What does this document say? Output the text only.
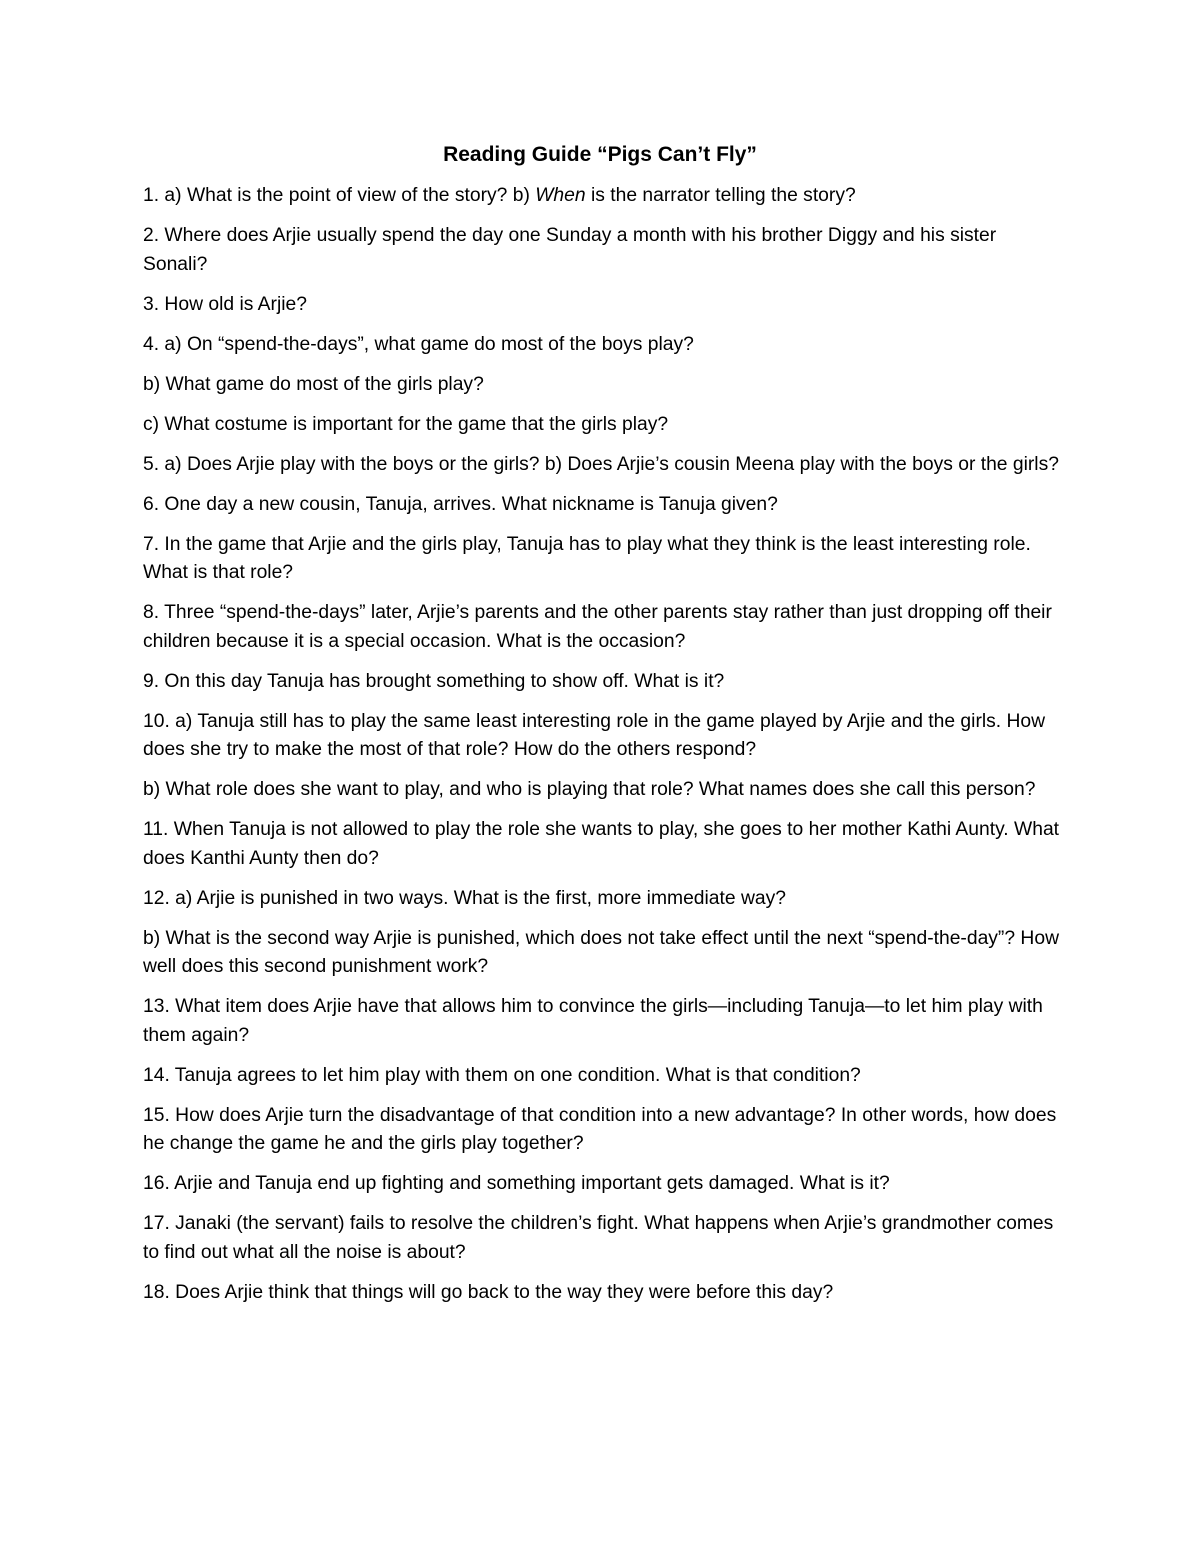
Reading Guide “Pigs Can’t Fly”

1. a) What is the point of view of the story? b) When is the narrator telling the story?

2. Where does Arjie usually spend the day one Sunday a month with his brother Diggy and his sister Sonali?

3. How old is Arjie?

4. a) On “spend-the-days”, what game do most of the boys play?

b) What game do most of the girls play?

c) What costume is important for the game that the girls play?

5. a) Does Arjie play with the boys or the girls? b) Does Arjie’s cousin Meena play with the boys or the girls?

6. One day a new cousin, Tanuja, arrives. What nickname is Tanuja given?

7. In the game that Arjie and the girls play, Tanuja has to play what they think is the least interesting role. What is that role?

8. Three “spend-the-days” later, Arjie’s parents and the other parents stay rather than just dropping off their children because it is a special occasion. What is the occasion?

9. On this day Tanuja has brought something to show off. What is it?

10. a) Tanuja still has to play the same least interesting role in the game played by Arjie and the girls. How does she try to make the most of that role? How do the others respond?

b) What role does she want to play, and who is playing that role? What names does she call this person?

11. When Tanuja is not allowed to play the role she wants to play, she goes to her mother Kathi Aunty. What does Kanthi Aunty then do?

12. a) Arjie is punished in two ways. What is the first, more immediate way?

b) What is the second way Arjie is punished, which does not take effect until the next “spend-the-day”? How well does this second punishment work?

13. What item does Arjie have that allows him to convince the girls—including Tanuja—to let him play with them again?

14. Tanuja agrees to let him play with them on one condition. What is that condition?

15. How does Arjie turn the disadvantage of that condition into a new advantage? In other words, how does he change the game he and the girls play together?

16. Arjie and Tanuja end up fighting and something important gets damaged. What is it?

17. Janaki (the servant) fails to resolve the children’s fight. What happens when Arjie’s grandmother comes to find out what all the noise is about?

18. Does Arjie think that things will go back to the way they were before this day?
